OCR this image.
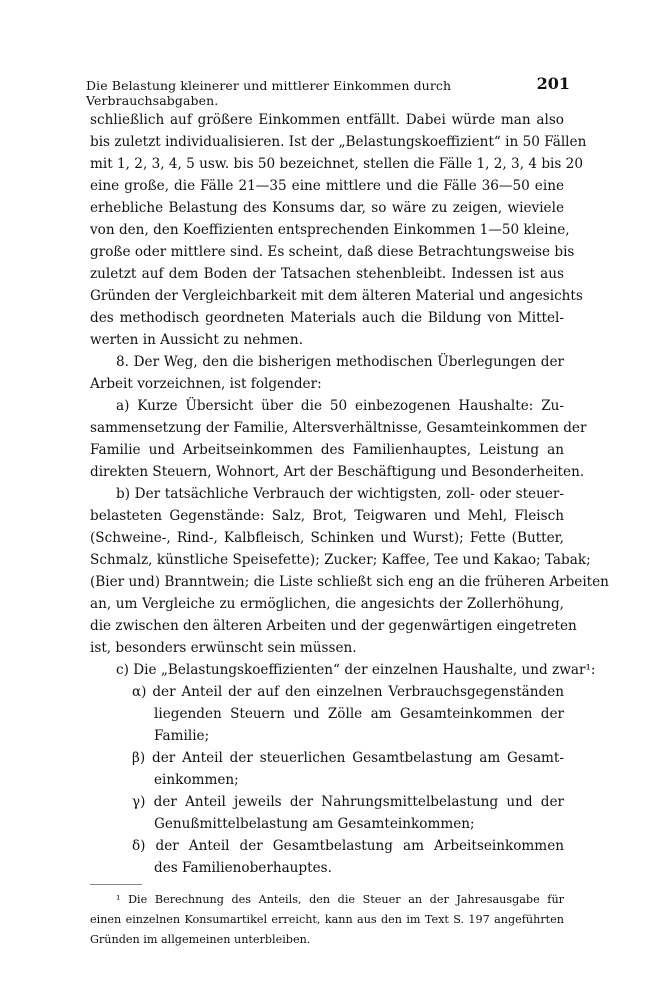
Die Belastung kleinerer und mittlerer Einkommen durch Verbrauchsabgaben.
201

schließlich auf größere Einkommen entfällt. Dabei würde man also

bis zuletzt individualisieren. Ist der „Belastungskoeffizient“ in 50 Fällen

mit 1, 2, 3, 4, 5 usw. bis 50 bezeichnet, stellen die Fälle 1, 2, 3, 4 bis 20

eine große, die Fälle 21—35 eine mittlere und die Fälle 36—50 eine

erhebliche Belastung des Konsums dar, so wäre zu zeigen, wieviele

von den, den Koeffizienten entsprechenden Einkommen 1—50 kleine,

große oder mittlere sind. Es scheint, daß diese Betrachtungsweise bis

zuletzt auf dem Boden der Tatsachen stehenbleibt. Indessen ist aus

Gründen der Vergleichbarkeit mit dem älteren Material und angesichts

des methodisch geordneten Materials auch die Bildung von Mittel-

werten in Aussicht zu nehmen.

8. Der Weg, den die bisherigen methodischen Überlegungen der

Arbeit vorzeichnen, ist folgender:

a) Kurze Übersicht über die 50 einbezogenen Haushalte: Zu-

sammensetzung der Familie, Altersverhältnisse, Gesamteinkommen der

Familie und Arbeitseinkommen des Familienhauptes, Leistung an

direkten Steuern, Wohnort, Art der Beschäftigung und Besonderheiten.

b) Der tatsächliche Verbrauch der wichtigsten, zoll- oder steuer-

belasteten Gegenstände: Salz, Brot, Teigwaren und Mehl, Fleisch

(Schweine-, Rind-, Kalbfleisch, Schinken und Wurst); Fette (Butter,

Schmalz, künstliche Speisefette); Zucker; Kaffee, Tee und Kakao; Tabak;

(Bier und) Branntwein; die Liste schließt sich eng an die früheren Arbeiten

an, um Vergleiche zu ermöglichen, die angesichts der Zollerhöhung,

die zwischen den älteren Arbeiten und der gegenwärtigen eingetreten

ist, besonders erwünscht sein müssen.

c) Die „Belastungskoeffizienten“ der einzelnen Haushalte, und zwar¹:

α) der Anteil der auf den einzelnen Verbrauchsgegenständen

liegenden Steuern und Zölle am Gesamteinkommen der

Familie;

β) der Anteil der steuerlichen Gesamtbelastung am Gesamt-

einkommen;

γ) der Anteil jeweils der Nahrungsmittelbelastung und der

Genußmittelbelastung am Gesamteinkommen;

δ) der Anteil der Gesamtbelastung am Arbeitseinkommen

des Familienoberhauptes.

¹ Die Berechnung des Anteils, den die Steuer an der Jahresausgabe für

einen einzelnen Konsumartikel erreicht, kann aus den im Text S. 197 angeführten

Gründen im allgemeinen unterbleiben.
